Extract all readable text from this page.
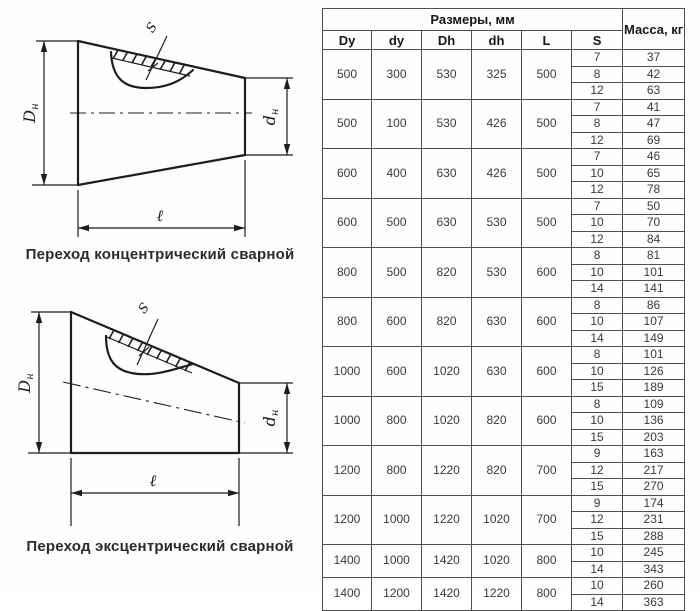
S
Dн
dн
ℓ
Переход концентрический сварной
S
Dн
dн
ℓ
Переход эксцентрический сварной
Размеры, мм						Масса, кг
Dy	dy	Dh	dh	L	S	
500	300	530	325	500	7	37
					8	42
					12	63
500	100	530	426	500	7	41
					8	47
					12	69
600	400	630	426	500	7	46
					10	65
					12	78
600	500	630	530	500	7	50
					10	70
					12	84
800	500	820	530	600	8	81
					10	101
					14	141
800	600	820	630	600	8	86
					10	107
					14	149
1000	600	1020	630	600	8	101
					10	126
					15	189
1000	800	1020	820	600	8	109
					10	136
					15	203
1200	800	1220	820	700	9	163
					12	217
					15	270
1200	1000	1220	1020	700	9	174
					12	231
					15	288
1400	1000	1420	1020	800	10	245
					14	343
1400	1200	1420	1220	800	10	260
					14	363
